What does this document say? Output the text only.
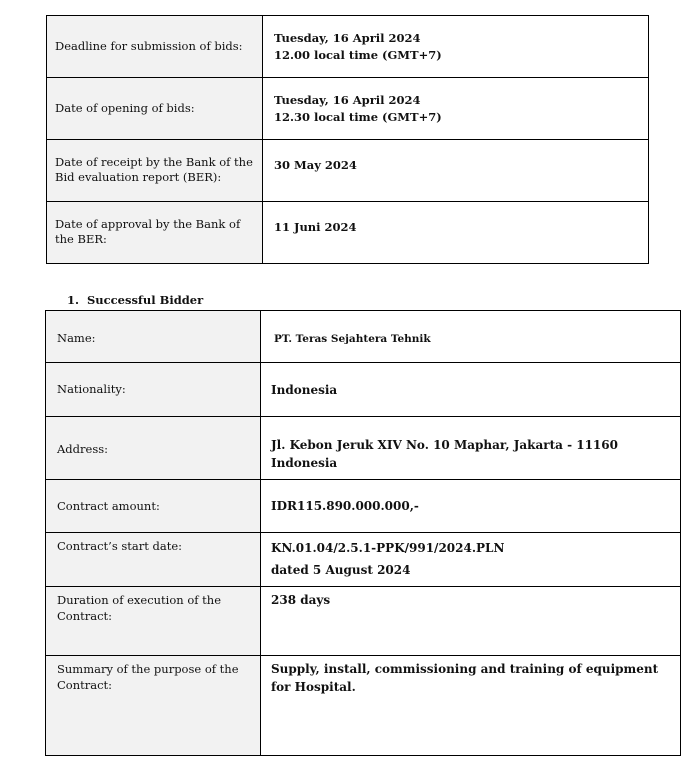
Deadline for submission of bids:	Tuesday, 16 April 2024
12.00 local time (GMT+7)

Date of opening of bids:	Tuesday, 16 April 2024
12.30 local time (GMT+7)

Date of receipt by the Bank of the Bid evaluation report (BER):	30 May 2024

Date of approval by the Bank of the BER:	11 Juni 2024
1. Successful Bidder
Name:	PT. Teras Sejahtera Tehnik

Nationality:	Indonesia

Address:	Jl. Kebon Jeruk XIV No. 10 Maphar, Jakarta - 11160 Indonesia

Contract amount:	IDR115.890.000.000,-

Contract’s start date:	KN.01.04/2.5.1-PPK/991/2024.PLN
dated 5 August 2024

Duration of execution of the Contract:	238 days

Summary of the purpose of the Contract:	Supply, install, commissioning and training of equipment for Hospital.
